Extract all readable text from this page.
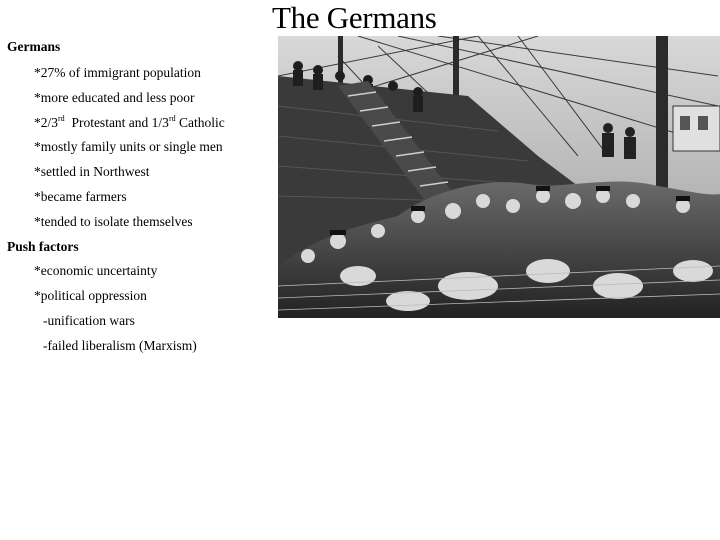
The Germans
Germans
*27% of immigrant population
*more educated and less poor
*2/3rd  Protestant and 1/3rd Catholic
*mostly family units or single men
*settled in Northwest
*became farmers
*tended to isolate themselves
Push factors
*economic uncertainty
*political oppression
-unification wars
-failed liberalism (Marxism)
